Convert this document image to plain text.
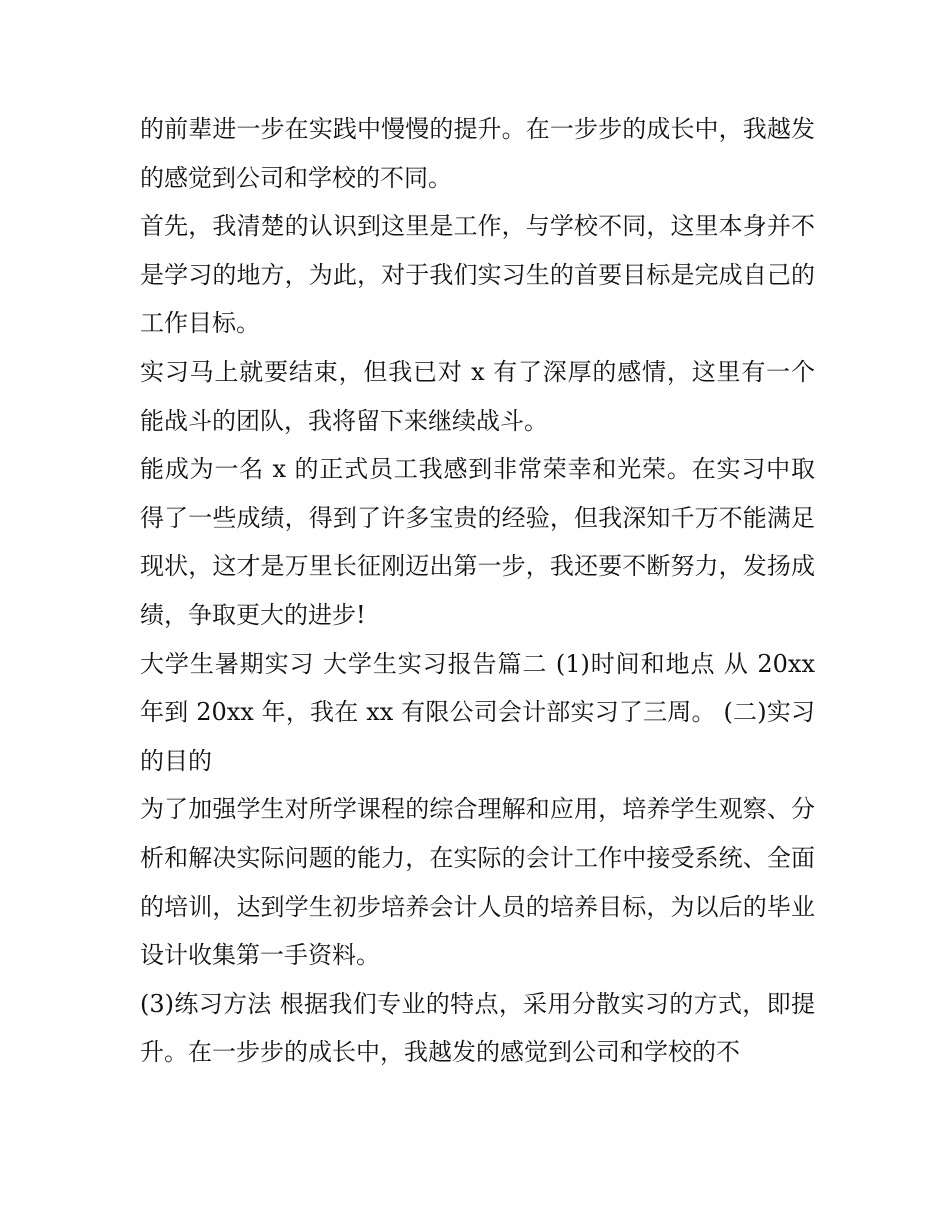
的前辈进一步在实践中慢慢的提升。在一步步的成长中，我越发的感觉到公司和学校的不同。

首先，我清楚的认识到这里是工作，与学校不同，这里本身并不是学习的地方，为此，对于我们实习生的首要目标是完成自己的工作目标。

实习马上就要结束，但我已对 x 有了深厚的感情，这里有一个能战斗的团队，我将留下来继续战斗。

能成为一名 x 的正式员工我感到非常荣幸和光荣。在实习中取得了一些成绩，得到了许多宝贵的经验，但我深知千万不能满足现状，这才是万里长征刚迈出第一步，我还要不断努力，发扬成绩，争取更大的进步!

大学生暑期实习 大学生实习报告篇二 (1)时间和地点 从 20xx 年到 20xx 年，我在 xx 有限公司会计部实习了三周。 (二)实习的目的

为了加强学生对所学课程的综合理解和应用，培养学生观察、分析和解决实际问题的能力，在实际的会计工作中接受系统、全面的培训，达到学生初步培养会计人员的培养目标，为以后的毕业设计收集第一手资料。

(3)练习方法 根据我们专业的特点，采用分散实习的方式，即提升。在一步步的成长中，我越发的感觉到公司和学校的不
